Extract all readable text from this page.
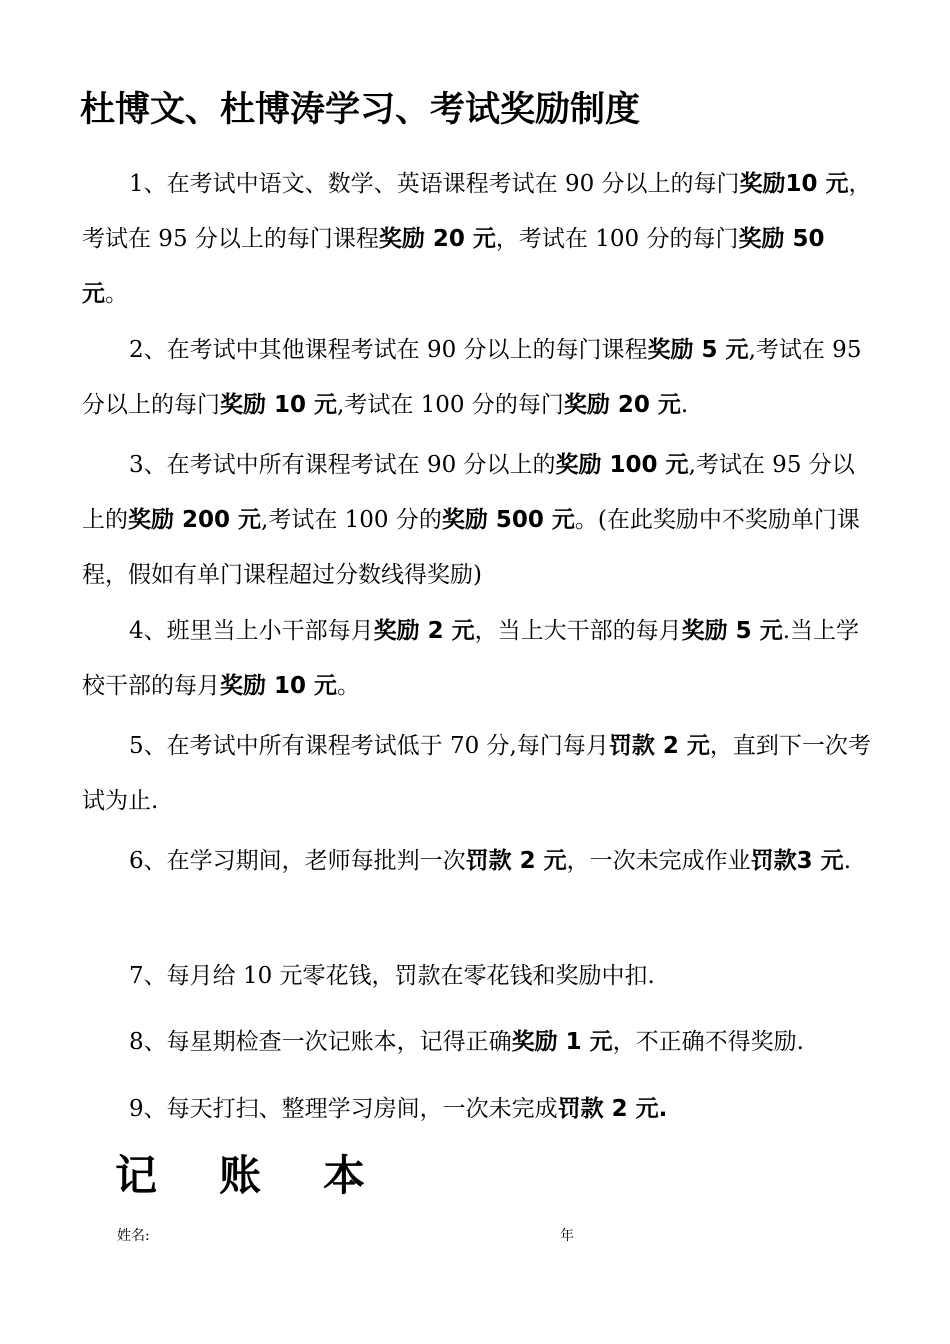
杜博文、杜博涛学习、考试奖励制度
1、在考试中语文、数学、英语课程考试在 90 分以上的每门奖励10 元，考试在 95 分以上的每门课程奖励 20 元，考试在 100 分的每门奖励 50 元。
2、在考试中其他课程考试在 90 分以上的每门课程奖励 5 元,考试在 95 分以上的每门奖励 10 元,考试在 100 分的每门奖励 20 元.
3、在考试中所有课程考试在 90 分以上的奖励 100 元,考试在 95 分以上的奖励 200 元,考试在 100 分的奖励 500 元。(在此奖励中不奖励单门课程，假如有单门课程超过分数线得奖励)
4、班里当上小干部每月奖励 2 元，当上大干部的每月奖励 5 元.当上学校干部的每月奖励 10 元。
5、在考试中所有课程考试低于 70 分,每门每月罚款 2 元，直到下一次考试为止.
6、在学习期间，老师每批判一次罚款 2 元，一次未完成作业罚款3 元.
7、每月给 10 元零花钱，罚款在零花钱和奖励中扣.
8、每星期检查一次记账本，记得正确奖励 1 元，不正确不得奖励.
9、每天打扫、整理学习房间，一次未完成罚款 2 元.
记账本
姓名:	年
